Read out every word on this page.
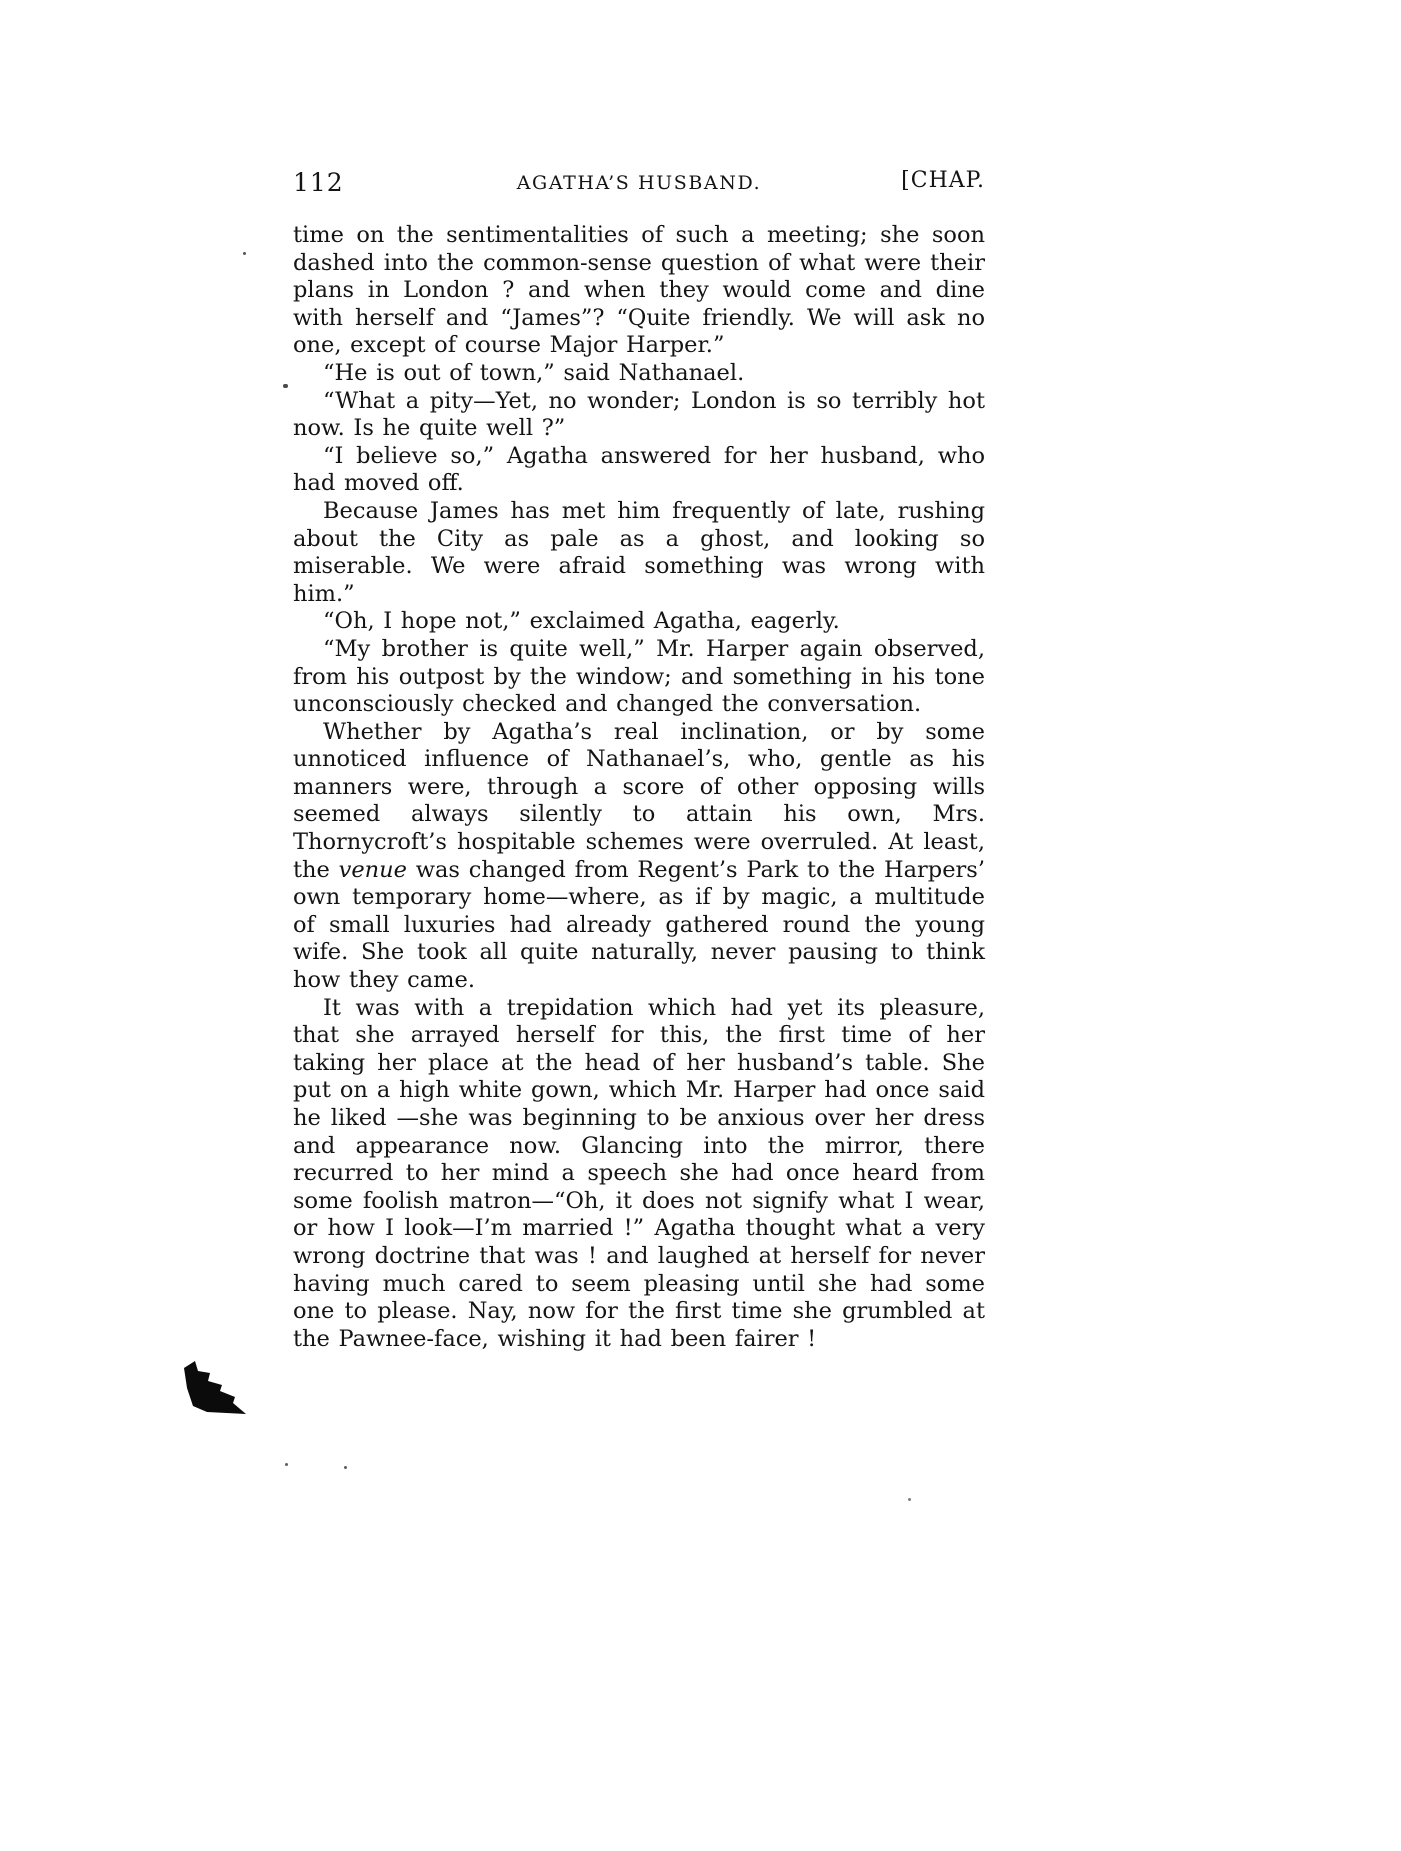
112	AGATHA’S HUSBAND.	[CHAP.

time on the sentimentalities of such a meeting; she soon dashed into the common-sense question of what were their plans in London ? and when they would come and dine with herself and “James”? “Quite friendly. We will ask no one, except of course Major Harper.”

“He is out of town,” said Nathanael.

“What a pity—Yet, no wonder; London is so terribly hot now. Is he quite well ?”

“I believe so,” Agatha answered for her husband, who had moved off.

Because James has met him frequently of late, rushing about the City as pale as a ghost, and looking so miserable. We were afraid something was wrong with him.”

“Oh, I hope not,” exclaimed Agatha, eagerly.

“My brother is quite well,” Mr. Harper again observed, from his outpost by the window; and something in his tone unconsciously checked and changed the conversation.

Whether by Agatha’s real inclination, or by some unnoticed influence of Nathanael’s, who, gentle as his manners were, through a score of other opposing wills seemed always silently to attain his own, Mrs. Thornycroft’s hospitable schemes were overruled. At least, the venue was changed from Regent’s Park to the Harpers’ own temporary home—where, as if by magic, a multitude of small luxuries had already gathered round the young wife. She took all quite naturally, never pausing to think how they came.

It was with a trepidation which had yet its pleasure, that she arrayed herself for this, the first time of her taking her place at the head of her husband’s table. She put on a high white gown, which Mr. Harper had once said he liked —she was beginning to be anxious over her dress and appearance now. Glancing into the mirror, there recurred to her mind a speech she had once heard from some foolish matron—“Oh, it does not signify what I wear, or how I look—I’m married !” Agatha thought what a very wrong doctrine that was ! and laughed at herself for never having much cared to seem pleasing until she had some one to please. Nay, now for the first time she grumbled at the Pawnee-face, wishing it had been fairer !
